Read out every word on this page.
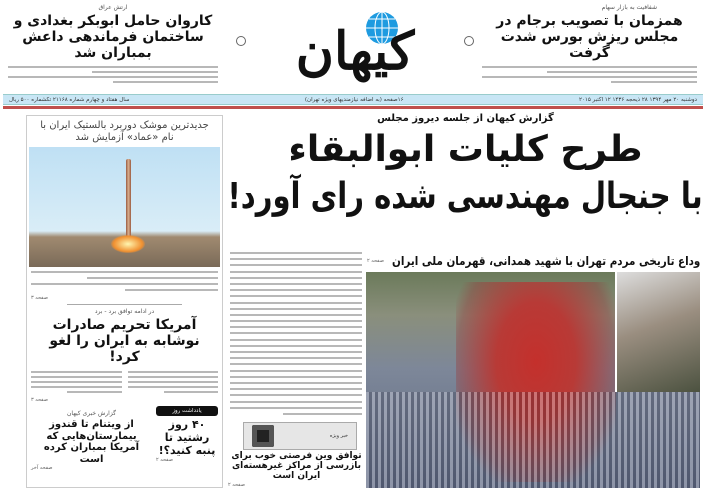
شفافیت به بازار سهام
همزمان با تصویب برجام در مجلس ریزش بورس شدت گرفت
ارتش عراق
کاروان حامل ابوبکر بغدادی و ساختمان فرماندهی داعش بمباران شد	کیهان
دوشنبه ۲۰ مهر ۱۳۹۴ ۲۸ ذیحجه ۱۴۳۶ ۱۲ اکتبر ۲۰۱۵
۱۶صفحه (به اضافه نیازمندیهای ویژه تهران)
سال هفتاد و چهارم شماره ۲۱۱۶۸ تکشماره ۵۰۰ ریال
گزارش کیهان از جلسه دیروز مجلس
طرح کلیات ابوالبقاء
با جنجال مهندسی شده رای آورد!
وداع تاریخی مردم تهران با شهید همدانی، قهرمان ملی ایران
صفحه ۲
خبر ویژه
توافق وین فرصتی خوب برای بازرسی از مراکز غیرهسته‌ای ایران است
صفحه ۲
جدیدترین موشک دوربرد بالستیک ایران با نام «عماد» آزمایش شد
صفحه ۳
در ادامه توافق برد - برد
آمریکا تحریم صادرات نوشابه به ایران را لغو کرد!
صفحه ۳
یادداشت روز
۴۰ روز رشتید تا پنبه کنید؟!
صفحه ۲
گزارش خبری کیهان
از ویتنام تا قندوز بیمارستان‌هایی که آمریکا بمباران کرده است
صفحه آخر
